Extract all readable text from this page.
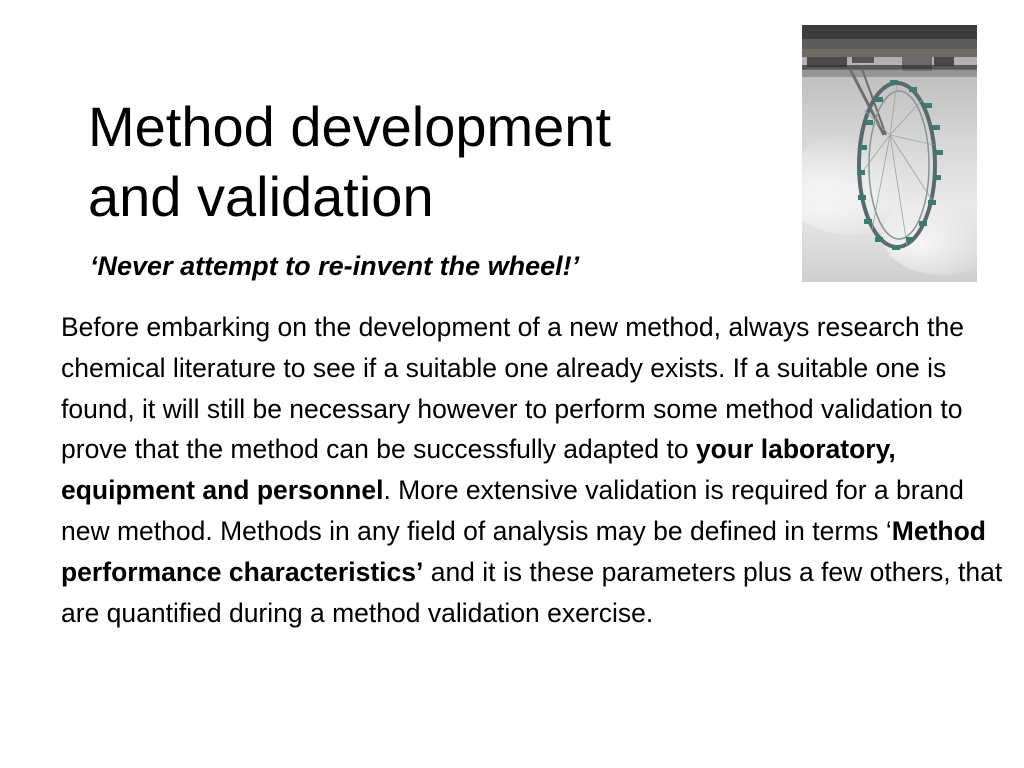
Method development
and validation

‘Never attempt to re-invent the wheel!’

Before embarking on the development of a new method, always research the chemical literature to see if a suitable one already exists. If a suitable one is found, it will still be necessary however to perform some method validation to prove that the method can be successfully adapted to your laboratory, equipment and personnel. More extensive validation is required for a brand new method. Methods in any field of analysis may be defined in terms ‘Method performance characteristics’ and it is these parameters plus a few others, that are quantified during a method validation exercise.
